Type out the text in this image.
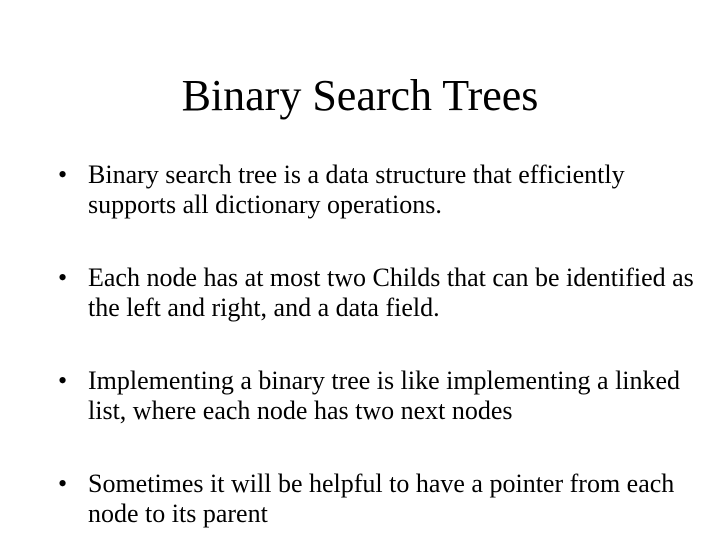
Binary Search Trees
• Binary search tree is a data structure that efficiently supports all dictionary operations.
• Each node has at most two Childs that can be identified as the left and right, and a data field.
• Implementing a binary tree is like implementing a linked list, where each node has two next nodes
• Sometimes it will be helpful to have a pointer from each node to its parent
